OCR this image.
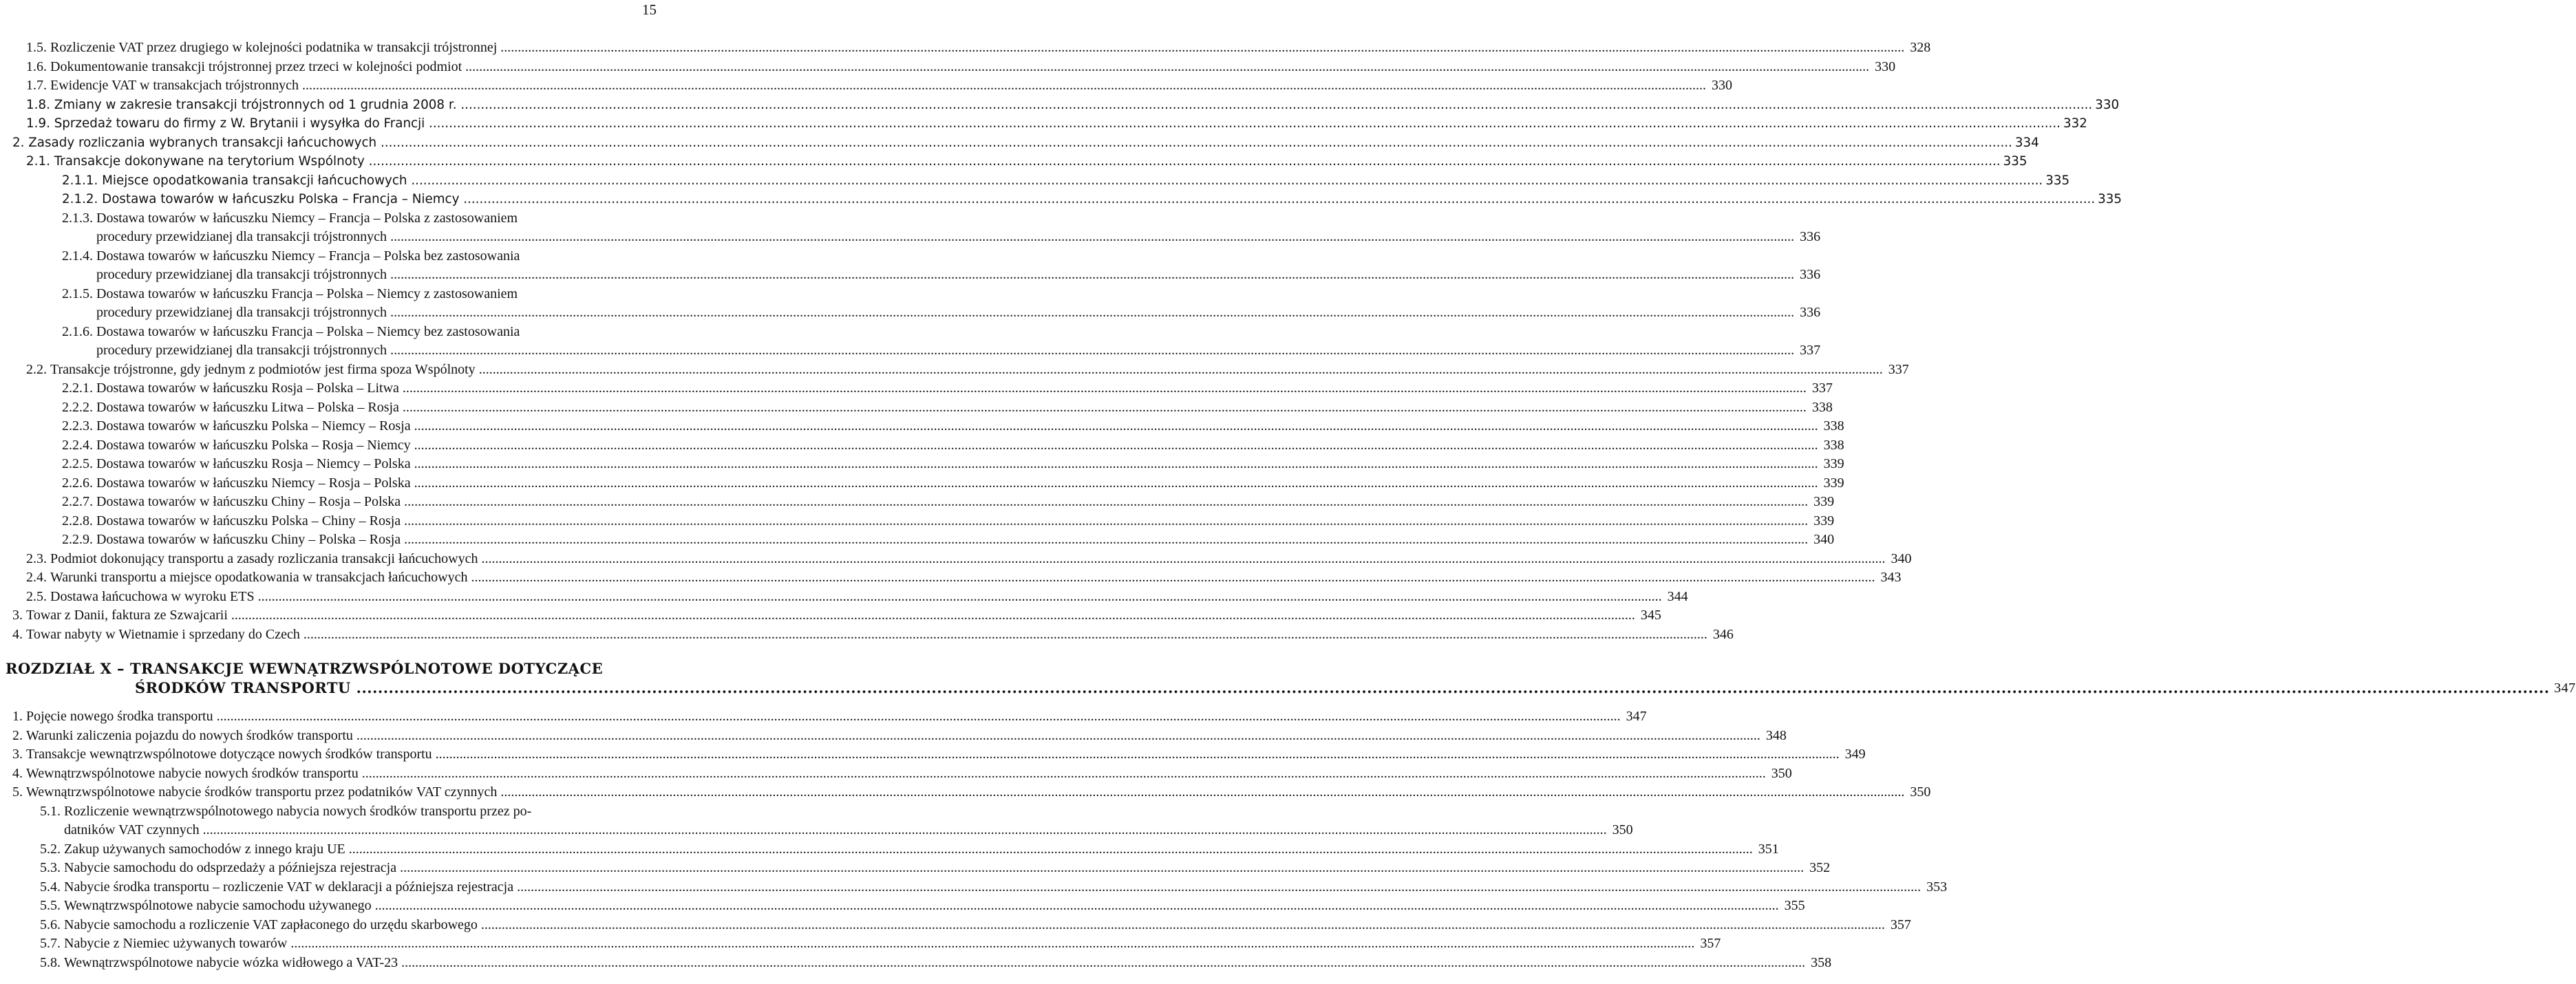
15
1.5. Rozliczenie VAT przez drugiego w kolejności podatnika w transakcji trójstronnej .....	328
1.6. Dokumentowanie transakcji trójstronnej przez trzeci w kolejności podmiot .....	330
1.7. Ewidencje VAT w transakcjach trójstronnych .....	330
1.8. Zmiany w zakresie transakcji trójstronnych od 1 grudnia 2008 r. .....	330
1.9. Sprzedaż towaru do firmy z W. Brytanii i wysyłka do Francji .....	332
2. Zasady rozliczania wybranych transakcji łańcuchowych .....	334
2.1. Transakcje dokonywane na terytorium Wspólnoty .....	335
2.1.1. Miejsce opodatkowania transakcji łańcuchowych .....	335
2.1.2. Dostawa towarów w łańcuszku Polska – Francja – Niemcy .....	335
2.1.3. Dostawa towarów w łańcuszku Niemcy – Francja – Polska z zastosowaniem
procedury przewidzianej dla transakcji trójstronnych .....	336
2.1.4. Dostawa towarów w łańcuszku Niemcy – Francja – Polska bez zastosowania
procedury przewidzianej dla transakcji trójstronnych .....	336
2.1.5. Dostawa towarów w łańcuszku Francja – Polska – Niemcy z zastosowaniem
procedury przewidzianej dla transakcji trójstronnych .....	336
2.1.6. Dostawa towarów w łańcuszku Francja – Polska – Niemcy bez zastosowania
procedury przewidzianej dla transakcji trójstronnych .....	337
2.2. Transakcje trójstronne, gdy jednym z podmiotów jest firma spoza Wspólnoty .....	337
2.2.1. Dostawa towarów w łańcuszku Rosja – Polska – Litwa .....	337
2.2.2. Dostawa towarów w łańcuszku Litwa – Polska – Rosja .....	338
2.2.3. Dostawa towarów w łańcuszku Polska – Niemcy – Rosja .....	338
2.2.4. Dostawa towarów w łańcuszku Polska – Rosja – Niemcy .....	338
2.2.5. Dostawa towarów w łańcuszku Rosja – Niemcy – Polska .....	339
2.2.6. Dostawa towarów w łańcuszku Niemcy – Rosja – Polska .....	339
2.2.7. Dostawa towarów w łańcuszku Chiny – Rosja – Polska .....	339
2.2.8. Dostawa towarów w łańcuszku Polska – Chiny – Rosja .....	339
2.2.9. Dostawa towarów w łańcuszku Chiny – Polska – Rosja .....	340
2.3. Podmiot dokonujący transportu a zasady rozliczania transakcji łańcuchowych .....	340
2.4. Warunki transportu a miejsce opodatkowania w transakcjach łańcuchowych .....	343
2.5. Dostawa łańcuchowa w wyroku ETS .....	344
3. Towar z Danii, faktura ze Szwajcarii .....	345
4. Towar nabyty w Wietnamie i sprzedany do Czech .....	346
ROZDZIAŁ X – TRANSAKCJE WEWNĄTRZWSPÓLNOTOWE DOTYCZĄCE
ŚRODKÓW TRANSPORTU .....	347
1. Pojęcie nowego środka transportu .....	347
2. Warunki zaliczenia pojazdu do nowych środków transportu .....	348
3. Transakcje wewnątrzwspólnotowe dotyczące nowych środków transportu .....	349
4. Wewnątrzwspólnotowe nabycie nowych środków transportu .....	350
5. Wewnątrzwspólnotowe nabycie środków transportu przez podatników VAT czynnych .....	350
5.1. Rozliczenie wewnątrzwspólnotowego nabycia nowych środków transportu przez po-
datników VAT czynnych .....	350
5.2. Zakup używanych samochodów z innego kraju UE .....	351
5.3. Nabycie samochodu do odsprzedaży a późniejsza rejestracja .....	352
5.4. Nabycie środka transportu – rozliczenie VAT w deklaracji a późniejsza rejestracja .....	353
5.5. Wewnątrzwspólnotowe nabycie samochodu używanego .....	355
5.6. Nabycie samochodu a rozliczenie VAT zapłaconego do urzędu skarbowego .....	357
5.7. Nabycie z Niemiec używanych towarów .....	357
5.8. Wewnątrzwspólnotowe nabycie wózka widłowego a VAT-23 .....	358
